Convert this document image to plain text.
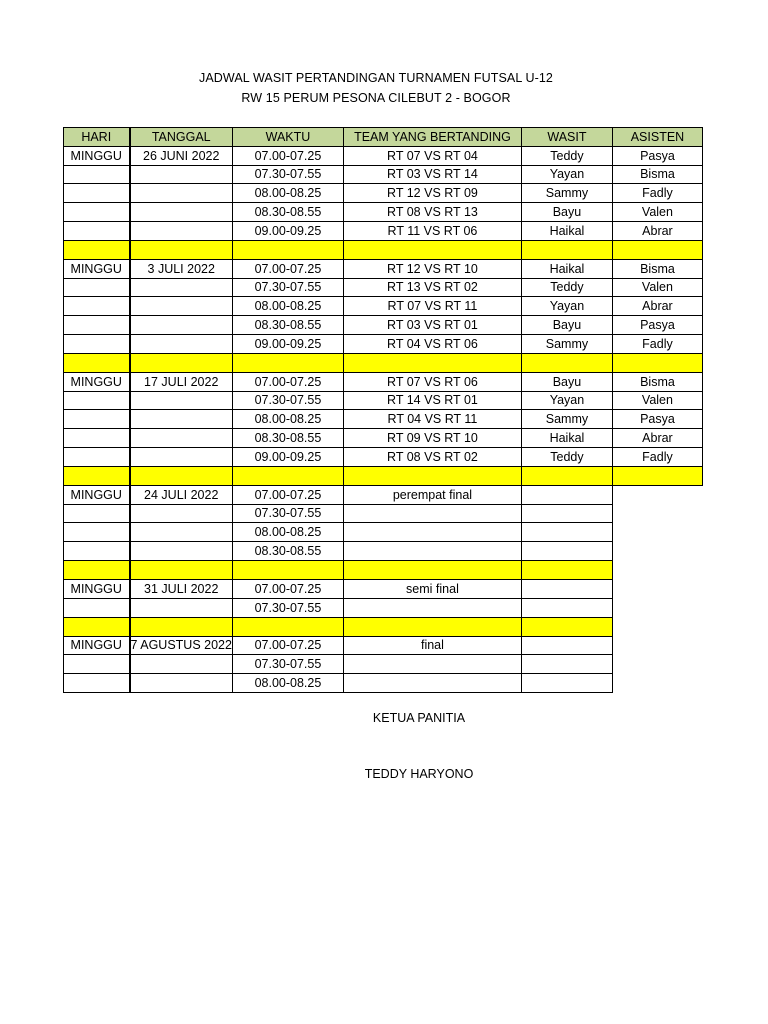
JADWAL WASIT PERTANDINGAN TURNAMEN FUTSAL U-12
RW 15 PERUM PESONA CILEBUT 2 - BOGOR
HARI	TANGGAL	WAKTU	TEAM YANG BERTANDING	WASIT	ASISTEN
MINGGU	26 JUNI 2022	07.00-07.25	RT 07 VS RT 04	Teddy	Pasya
		07.30-07.55	RT 03 VS RT 14	Yayan	Bisma
		08.00-08.25	RT 12 VS RT 09	Sammy	Fadly
		08.30-08.55	RT 08 VS RT 13	Bayu	Valen
		09.00-09.25	RT 11 VS RT 06	Haikal	Abrar

MINGGU	3 JULI 2022	07.00-07.25	RT 12 VS RT 10	Haikal	Bisma
		07.30-07.55	RT 13 VS RT 02	Teddy	Valen
		08.00-08.25	RT 07 VS RT 11	Yayan	Abrar
		08.30-08.55	RT 03 VS RT 01	Bayu	Pasya
		09.00-09.25	RT 04 VS RT 06	Sammy	Fadly

MINGGU	17 JULI 2022	07.00-07.25	RT 07 VS RT 06	Bayu	Bisma
		07.30-07.55	RT 14 VS RT 01	Yayan	Valen
		08.00-08.25	RT 04 VS RT 11	Sammy	Pasya
		08.30-08.55	RT 09 VS RT 10	Haikal	Abrar
		09.00-09.25	RT 08 VS RT 02	Teddy	Fadly

MINGGU	24 JULI 2022	07.00-07.25	perempat final		
		07.30-07.55			
		08.00-08.25			
		08.30-08.55			

MINGGU	31 JULI 2022	07.00-07.25	semi final		
		07.30-07.55			

MINGGU	7 AGUSTUS 2022	07.00-07.25	final		
		07.30-07.55			
		08.00-08.25			
KETUA PANITIA
TEDDY HARYONO
